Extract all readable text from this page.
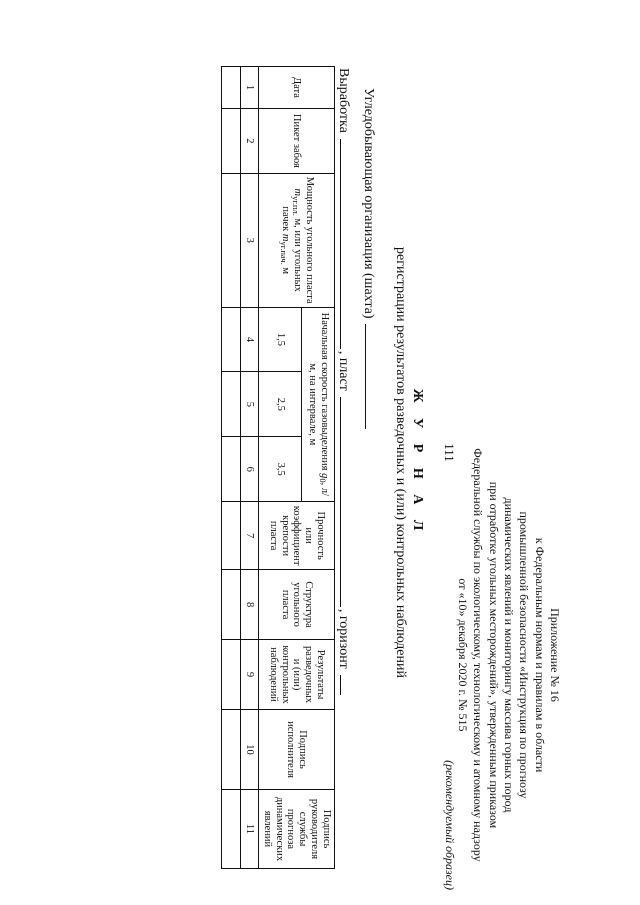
111
Приложение № 16
к Федеральным нормам и правилам в области
промышленной безопасности «Инструкция по прогнозу
динамических явлений и мониторингу массива горных пород
при отработке угольных месторождений», утвержденным приказом
Федеральной службы по экологическому, технологическому и атомному надзору
от «10» декабря 2020 г. № 515
(рекомендуемый образец)
Ж У Р Н А Л
регистрации результатов разведочных и (или) контрольных наблюдений
Угледобывающая организация (шахта)
Выработка, пласт, горизонт
Дата	Пикет забоя	Мощность угольного пласта $m_{уг.пл.}$ м, или угольных пачек $m_{уг.пач.}$ м	Начальная скорость газовыделения $g_0$, л/м, на интервале, м			Прочность или коэффициент крепости пласта	Структура угольного пласта	Результаты разведочных и (или) контрольных наблюдений	Подпись исполнителя	Подпись руководителя службы прогноза динамических явлений
			1,5	2,5	3,5					
1	2	3	4	5	6	7	8	9	10	11
